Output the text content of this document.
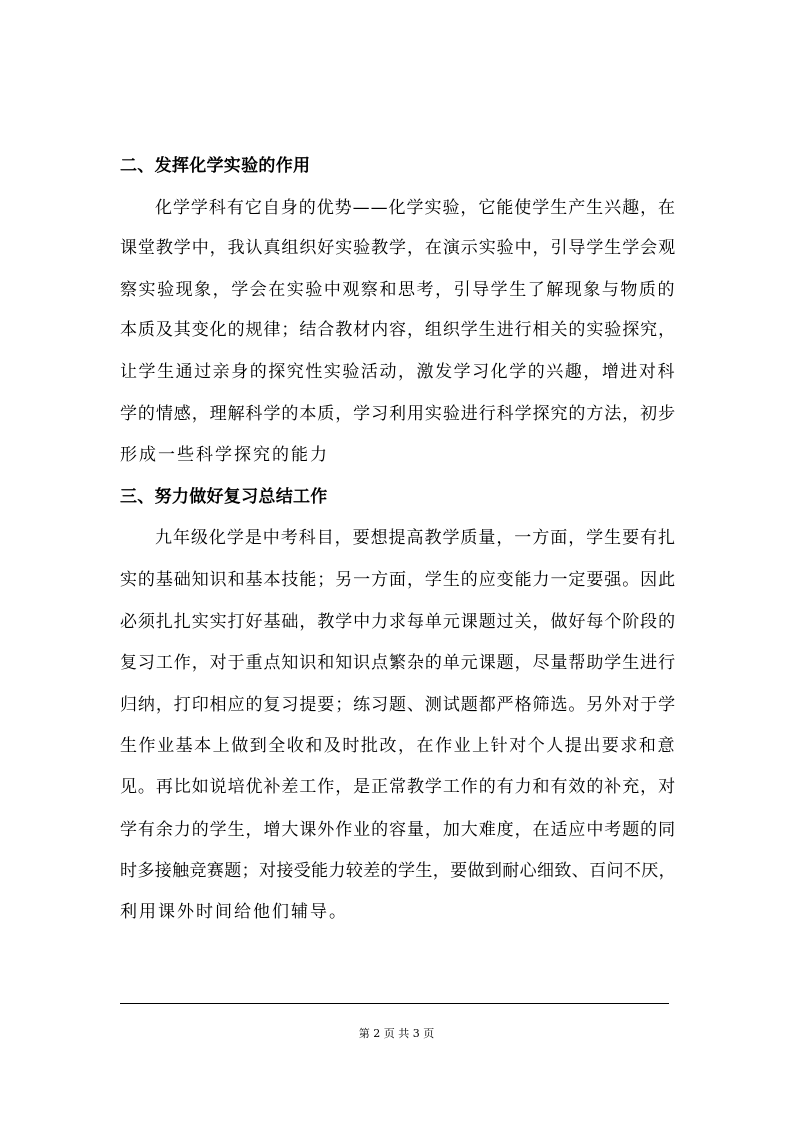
二、发挥化学实验的作用
化学学科有它自身的优势——化学实验，它能使学生产生兴趣，在
课堂教学中，我认真组织好实验教学，在演示实验中，引导学生学会观
察实验现象，学会在实验中观察和思考，引导学生了解现象与物质的
本质及其变化的规律；结合教材内容，组织学生进行相关的实验探究，
让学生通过亲身的探究性实验活动，激发学习化学的兴趣，增进对科
学的情感，理解科学的本质，学习利用实验进行科学探究的方法，初步
形成一些科学探究的能力
三、努力做好复习总结工作
九年级化学是中考科目，要想提高教学质量，一方面，学生要有扎
实的基础知识和基本技能；另一方面，学生的应变能力一定要强。因此
必须扎扎实实打好基础，教学中力求每单元课题过关，做好每个阶段的
复习工作，对于重点知识和知识点繁杂的单元课题，尽量帮助学生进行
归纳，打印相应的复习提要；练习题、测试题都严格筛选。另外对于学
生作业基本上做到全收和及时批改，在作业上针对个人提出要求和意
见。再比如说培优补差工作，是正常教学工作的有力和有效的补充，对
学有余力的学生，增大课外作业的容量，加大难度，在适应中考题的同
时多接触竞赛题；对接受能力较差的学生，要做到耐心细致、百问不厌，
利用课外时间给他们辅导。
第 2 页 共 3 页
